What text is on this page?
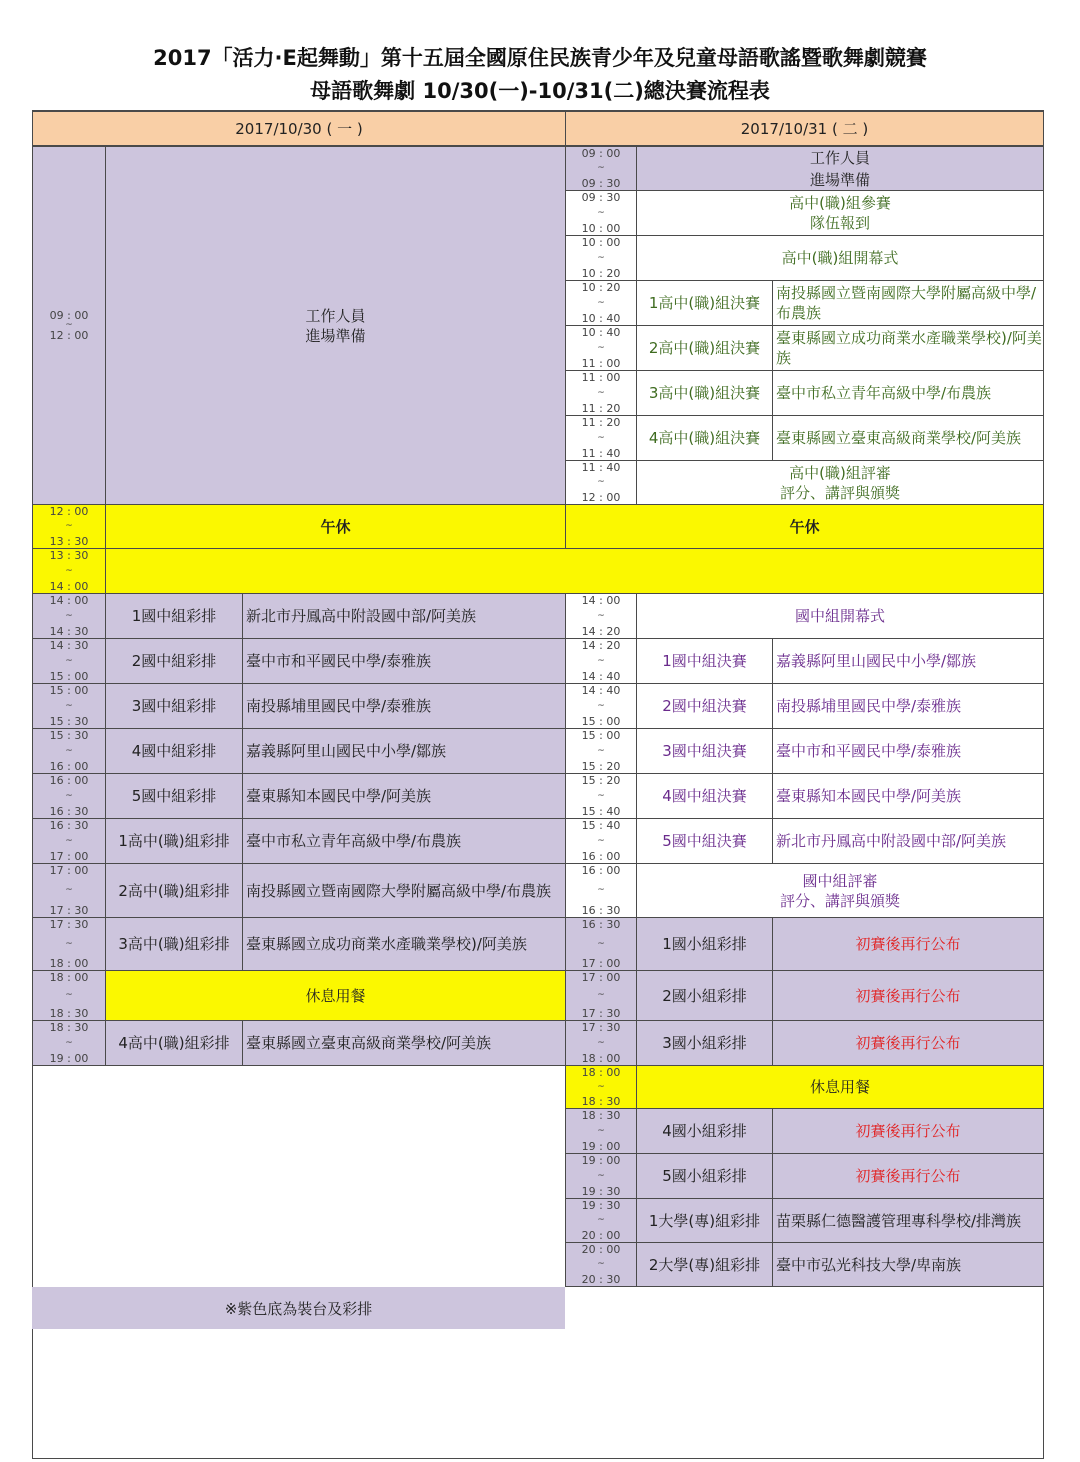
2017「活力·E起舞動」第十五屆全國原住民族青少年及兒童母語歌謠暨歌舞劇競賽
母語歌舞劇 10/30(一)-10/31(二)總決賽流程表
2017/10/30 ( 一 )	2017/10/31 ( 二 )
※紫色底為裝台及彩排
09 : 00
~
12 : 00
工作人員
進場準備
12 : 00
~
13 : 30
午休	午休
13 : 30
~
14 : 00
14 : 00
~
14 : 30
1國中組彩排 新北市丹鳳高中附設國中部/阿美族
14 : 30
~
15 : 00
2國中組彩排 臺中市和平國民中學/泰雅族
15 : 00
~
15 : 30
3國中組彩排 南投縣埔里國民中學/泰雅族
15 : 30
~
16 : 00
4國中組彩排 嘉義縣阿里山國民中小學/鄒族
16 : 00
~
16 : 30
5國中組彩排 臺東縣知本國民中學/阿美族
16 : 30
~
17 : 00
1高中(職)組彩排 臺中市私立青年高級中學/布農族
17 : 00
~
17 : 30
2高中(職)組彩排 南投縣國立暨南國際大學附屬高級中學/布農族
17 : 30
~
18 : 00
3高中(職)組彩排 臺東縣國立成功商業水產職業學校)/阿美族
18 : 00
~
18 : 30
休息用餐
18 : 30
~
19 : 00
4高中(職)組彩排 臺東縣國立臺東高級商業學校/阿美族
09 : 00
~
09 : 30
工作人員
進場準備
09 : 30
~
10 : 00
高中(職)組參賽
隊伍報到
10 : 00
~
10 : 20
高中(職)組開幕式
10 : 20
~
10 : 40
1高中(職)組決賽
南投縣國立暨南國際大學附屬高級中學/布農族
10 : 40
~
11 : 00
2高中(職)組決賽
臺東縣國立成功商業水產職業學校)/阿美族
11 : 00
~
11 : 20
3高中(職)組決賽 臺中市私立青年高級中學/布農族
11 : 20
~
11 : 40
4高中(職)組決賽 臺東縣國立臺東高級商業學校/阿美族
11 : 40
~
12 : 00
高中(職)組評審
評分、講評與頒獎
14 : 00
~
14 : 20
國中組開幕式
14 : 20
~
14 : 40
1國中組決賽 嘉義縣阿里山國民中小學/鄒族
14 : 40
~
15 : 00
2國中組決賽 南投縣埔里國民中學/泰雅族
15 : 00
~
15 : 20
3國中組決賽 臺中市和平國民中學/泰雅族
15 : 20
~
15 : 40
4國中組決賽 臺東縣知本國民中學/阿美族
15 : 40
~
16 : 00
5國中組決賽 新北市丹鳳高中附設國中部/阿美族
16 : 00
~
16 : 30
國中組評審
評分、講評與頒獎
16 : 30
~
17 : 00
1國小組彩排	初賽後再行公布
17 : 00
~
17 : 30
2國小組彩排	初賽後再行公布
17 : 30
~
18 : 00
3國小組彩排	初賽後再行公布
18 : 00
~
18 : 30
休息用餐
18 : 30
~
19 : 00
4國小組彩排	初賽後再行公布
19 : 00
~
19 : 30
5國小組彩排	初賽後再行公布
19 : 30
~
20 : 00
1大學(專)組彩排 苗栗縣仁德醫護管理專科學校/排灣族
20 : 00
~
20 : 30
2大學(專)組彩排 臺中市弘光科技大學/卑南族
